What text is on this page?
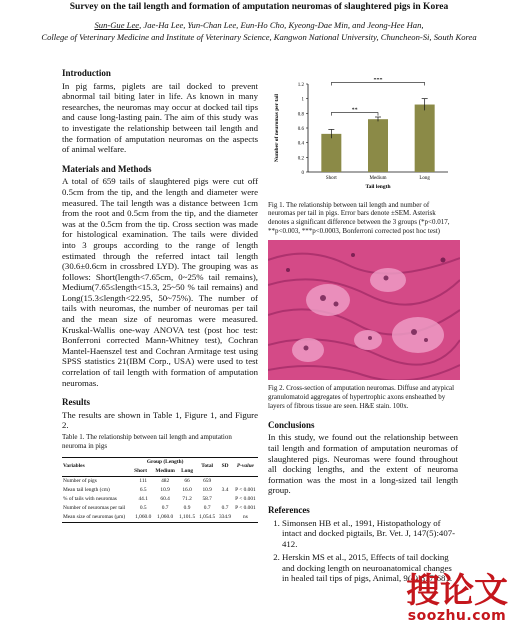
Survey on the tail length and formation of amputation neuromas of slaughtered pigs in Korea
Sun-Gue Lee, Jae-Ha Lee, Yun-Chan Lee, Eun-Ho Cho, Kyeong-Dae Min, and Jeong-Hee Han,
College of Veterinary Medicine and Institute of Veterinary Science, Kangwon National University, Chuncheon-Si, South Korea
Introduction

In pig farms, piglets are tail docked to prevent abnormal tail biting later in life. As known in many researches, the neuromas may occur at docked tail tips and cause long-lasting pain. The aim of this study was to investigate the relationship between tail length and the formation of amputation neuromas on the aspects of animal welfare.

Materials and Methods

A total of 659 tails of slaughtered pigs were cut off 0.5cm from the tip, and the length and diameter were measured. The tail length was a distance between 1cm from the root and 0.5cm from the tip, and the diameter was at the 0.5cm from the tip. Cross section was made for histological examination. The tails were divided into 3 groups according to the range of length estimated through the referred intact tail length (30.6±0.6cm in crossbred LYD). The grouping was as follows: Short(length<7.65cm, 0~25% tail remains), Medium(7.65≤length<15.3, 25~50 % tail remains) and Long(15.3≤length<22.95, 50~75%). The number of tails with neuromas, the number of neuromas per tail and the mean size of neuromas were measured. Kruskal-Wallis one-way ANOVA test (post hoc test: Bonferroni corrected Mann-Whitney test), Cochran Mantel-Haenszel test and Cochran Armitage test using SPSS statistics 21(IBM Corp., USA) were used to test correlation of tail length with formation of amputation neuromas.

Results

The results are shown in Table 1, Figure 1, and Figure 2.

Table 1. The relationship between tail length and amputation neuroma in pigs
Variables	Group (Length)			Total	SD	P-value
	Short	Medium	Long			
Number of pigs	111	482	66	659		
Mean tail length (cm)	6.5	10.9	16.0	10.9	3.4	P < 0.001
% of tails with neuromas	44.1	60.4	71.2	58.7		P < 0.001
Number of neuromas per tail	0.5	0.7	0.9	0.7	0.7	P < 0.001
Mean size of neuromas (μm)	1,060.0	1,060.0	1,101.5	1,054.5	334.9	ns
0
0.2
0.4
0.6
0.8
1
1.2
Short	Medium	Long
**
***
Tail length
Number of neuromas per tail
Fig 1. The relationship between tail length and number of neuromas per tail in pigs. Error bars denote ±SEM. Asterisk denotes a significant difference between the 3 groups (*p<0.017, **p<0.003, ***p<0.0003, Bonferroni corrected post hoc test)
Fig 2. Cross-section of amputation neuromas. Diffuse and atypical granulomatoid aggregates of hypertrophic axons ensheathed by layers of fibrous tissue are seen. H&E stain. 100x.
Conclusions

In this study, we found out the relationship between tail length and formation of amputation neuromas of slaughtered pigs. Neuromas were found throughout all docking lengths, and the extent of neuroma formation was the most in a long-sized tail length group.

References
1. Simonsen HB et al., 1991, Histopathology of intact and docked pigtails, Br. Vet. J, 147(5):407-412.
2. Herskin MS et al., 2015, Effects of tail docking and docking length on neuroanatomical changes in healed tail tips of pigs, Animal, 9(4):677-681.
搜论文
soozhu.com
